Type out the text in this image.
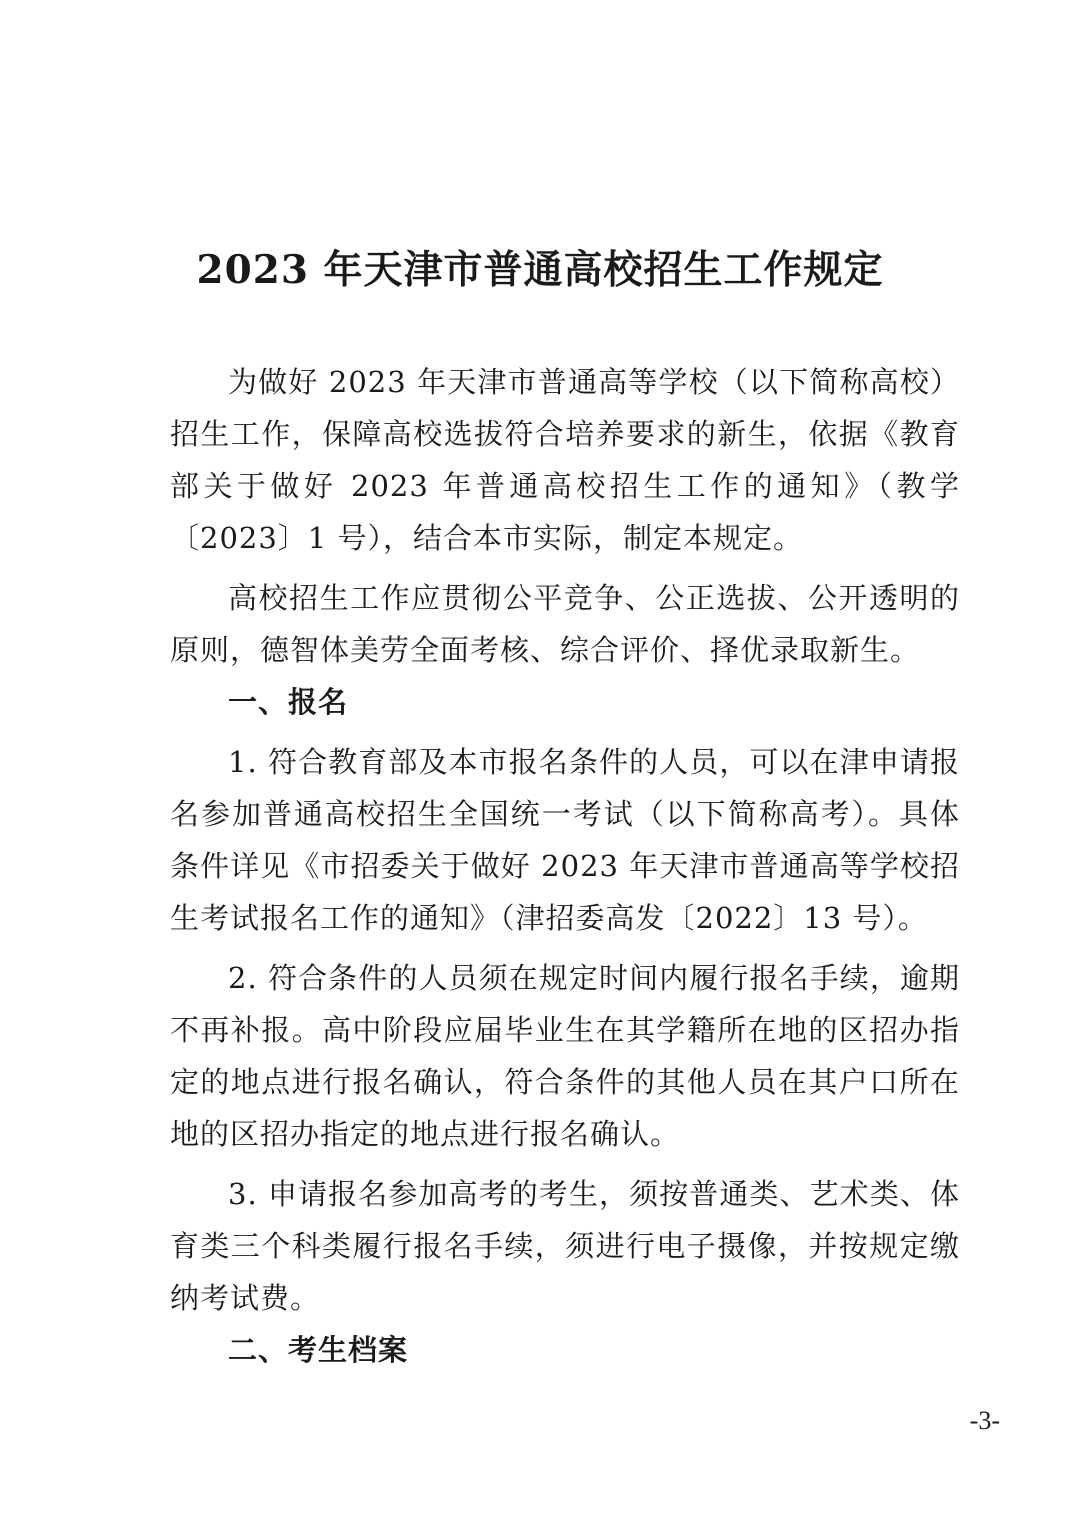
2023 年天津市普通高校招生工作规定

为做好 2023 年天津市普通高等学校（以下简称高校）招生工作，保障高校选拔符合培养要求的新生，依据《教育部关于做好 2023 年普通高校招生工作的通知》（教学〔2023〕1 号），结合本市实际，制定本规定。

高校招生工作应贯彻公平竞争、公正选拔、公开透明的原则，德智体美劳全面考核、综合评价、择优录取新生。

一、报名

1. 符合教育部及本市报名条件的人员，可以在津申请报名参加普通高校招生全国统一考试（以下简称高考）。具体条件详见《市招委关于做好 2023 年天津市普通高等学校招生考试报名工作的通知》（津招委高发〔2022〕13 号）。

2. 符合条件的人员须在规定时间内履行报名手续，逾期不再补报。高中阶段应届毕业生在其学籍所在地的区招办指定的地点进行报名确认，符合条件的其他人员在其户口所在地的区招办指定的地点进行报名确认。

3. 申请报名参加高考的考生，须按普通类、艺术类、体育类三个科类履行报名手续，须进行电子摄像，并按规定缴纳考试费。

二、考生档案

-3-
